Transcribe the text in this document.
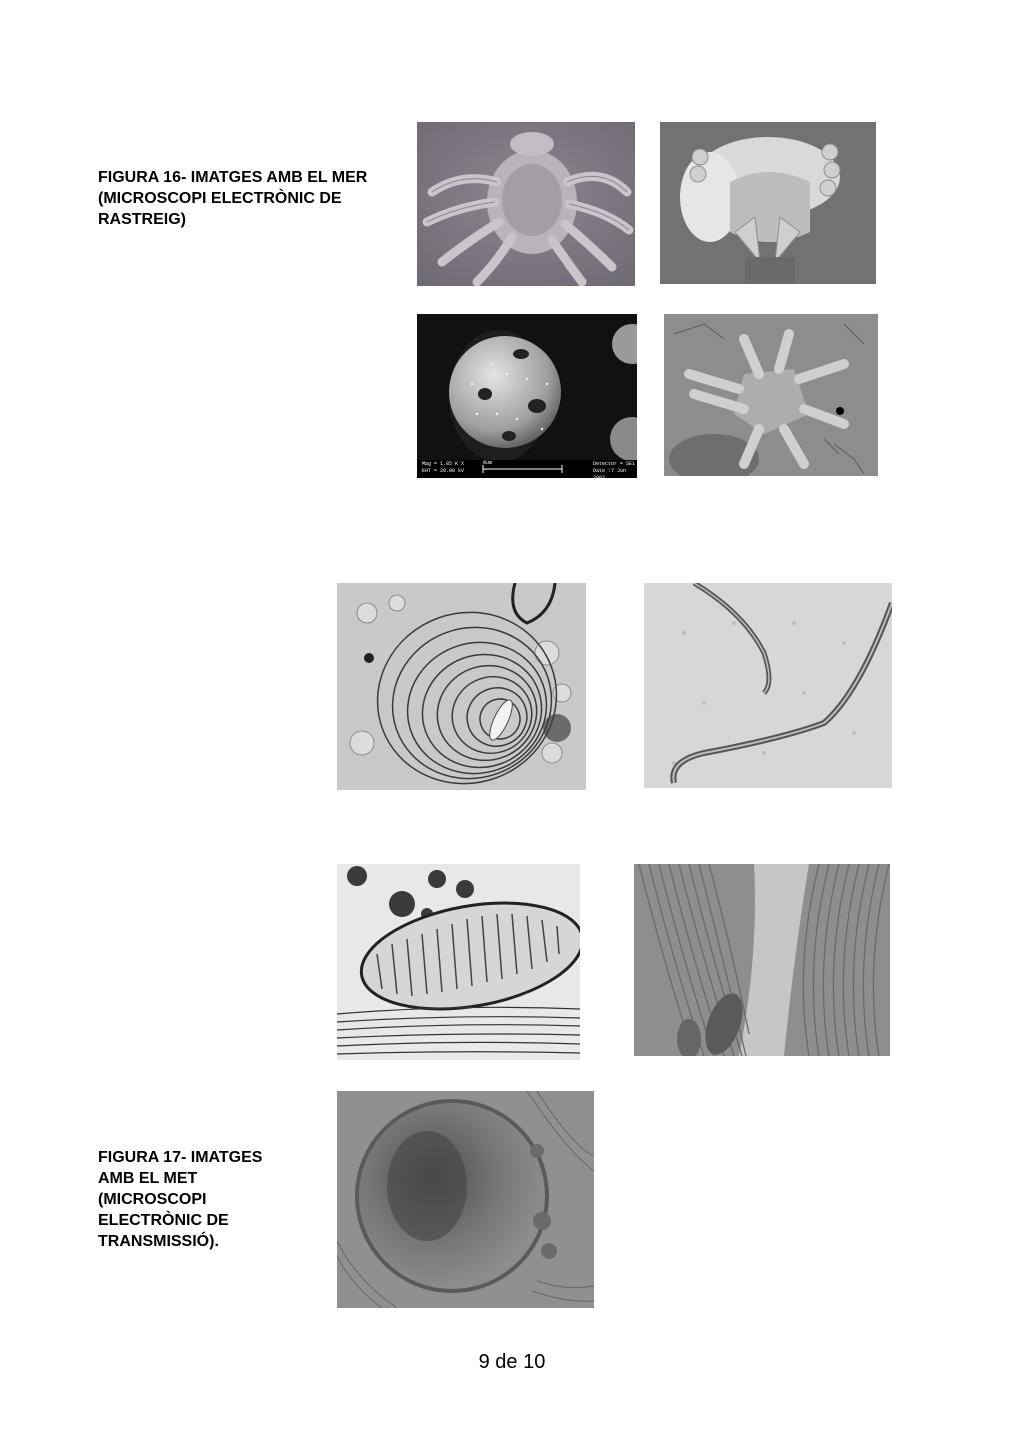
FIGURA 16- IMATGES AMB EL MER (MICROSCOPI ELECTRÒNIC DE RASTREIG)
Mag = 1.85 K X
EHT = 20.00 kV
8um	Detector = SE1
Date :7 Jun 2003
FIGURA 17- IMATGES AMB EL MET (MICROSCOPI ELECTRÒNIC DE TRANSMISSIÓ).
9 de 10
